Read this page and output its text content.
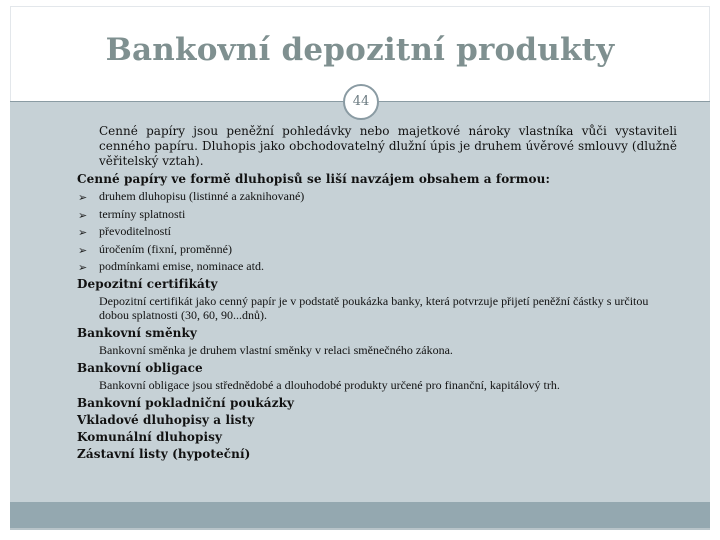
Bankovní depozitní produkty
44

Cenné papíry jsou peněžní pohledávky nebo majetkové nároky vlastníka vůči vystaviteli cenného papíru. Dluhopis jako obchodovatelný dlužní úpis je druhem úvěrové smlouvy (dlužně věřitelský vztah).

Cenné papíry ve formě dluhopisů se liší navzájem obsahem a formou:

➢ druhem dluhopisu (listinné a zaknihované)
➢ termíny splatnosti
➢ převoditelností
➢ úročením (fixní, proměnné)
➢ podmínkami emise, nominace atd.

Depozitní certifikáty

Depozitní certifikát jako cenný papír je v podstatě poukázka banky, která potvrzuje přijetí peněžní částky s určitou dobou splatnosti (30, 60, 90...dnů).

Bankovní směnky

Bankovní směnka je druhem vlastní směnky v relaci směnečného zákona.

Bankovní obligace

Bankovní obligace jsou střednědobé a dlouhodobé produkty určené pro finanční, kapitálový trh.

Bankovní pokladniční poukázky

Vkladové dluhopisy a listy

Komunální dluhopisy

Zástavní listy (hypoteční)
